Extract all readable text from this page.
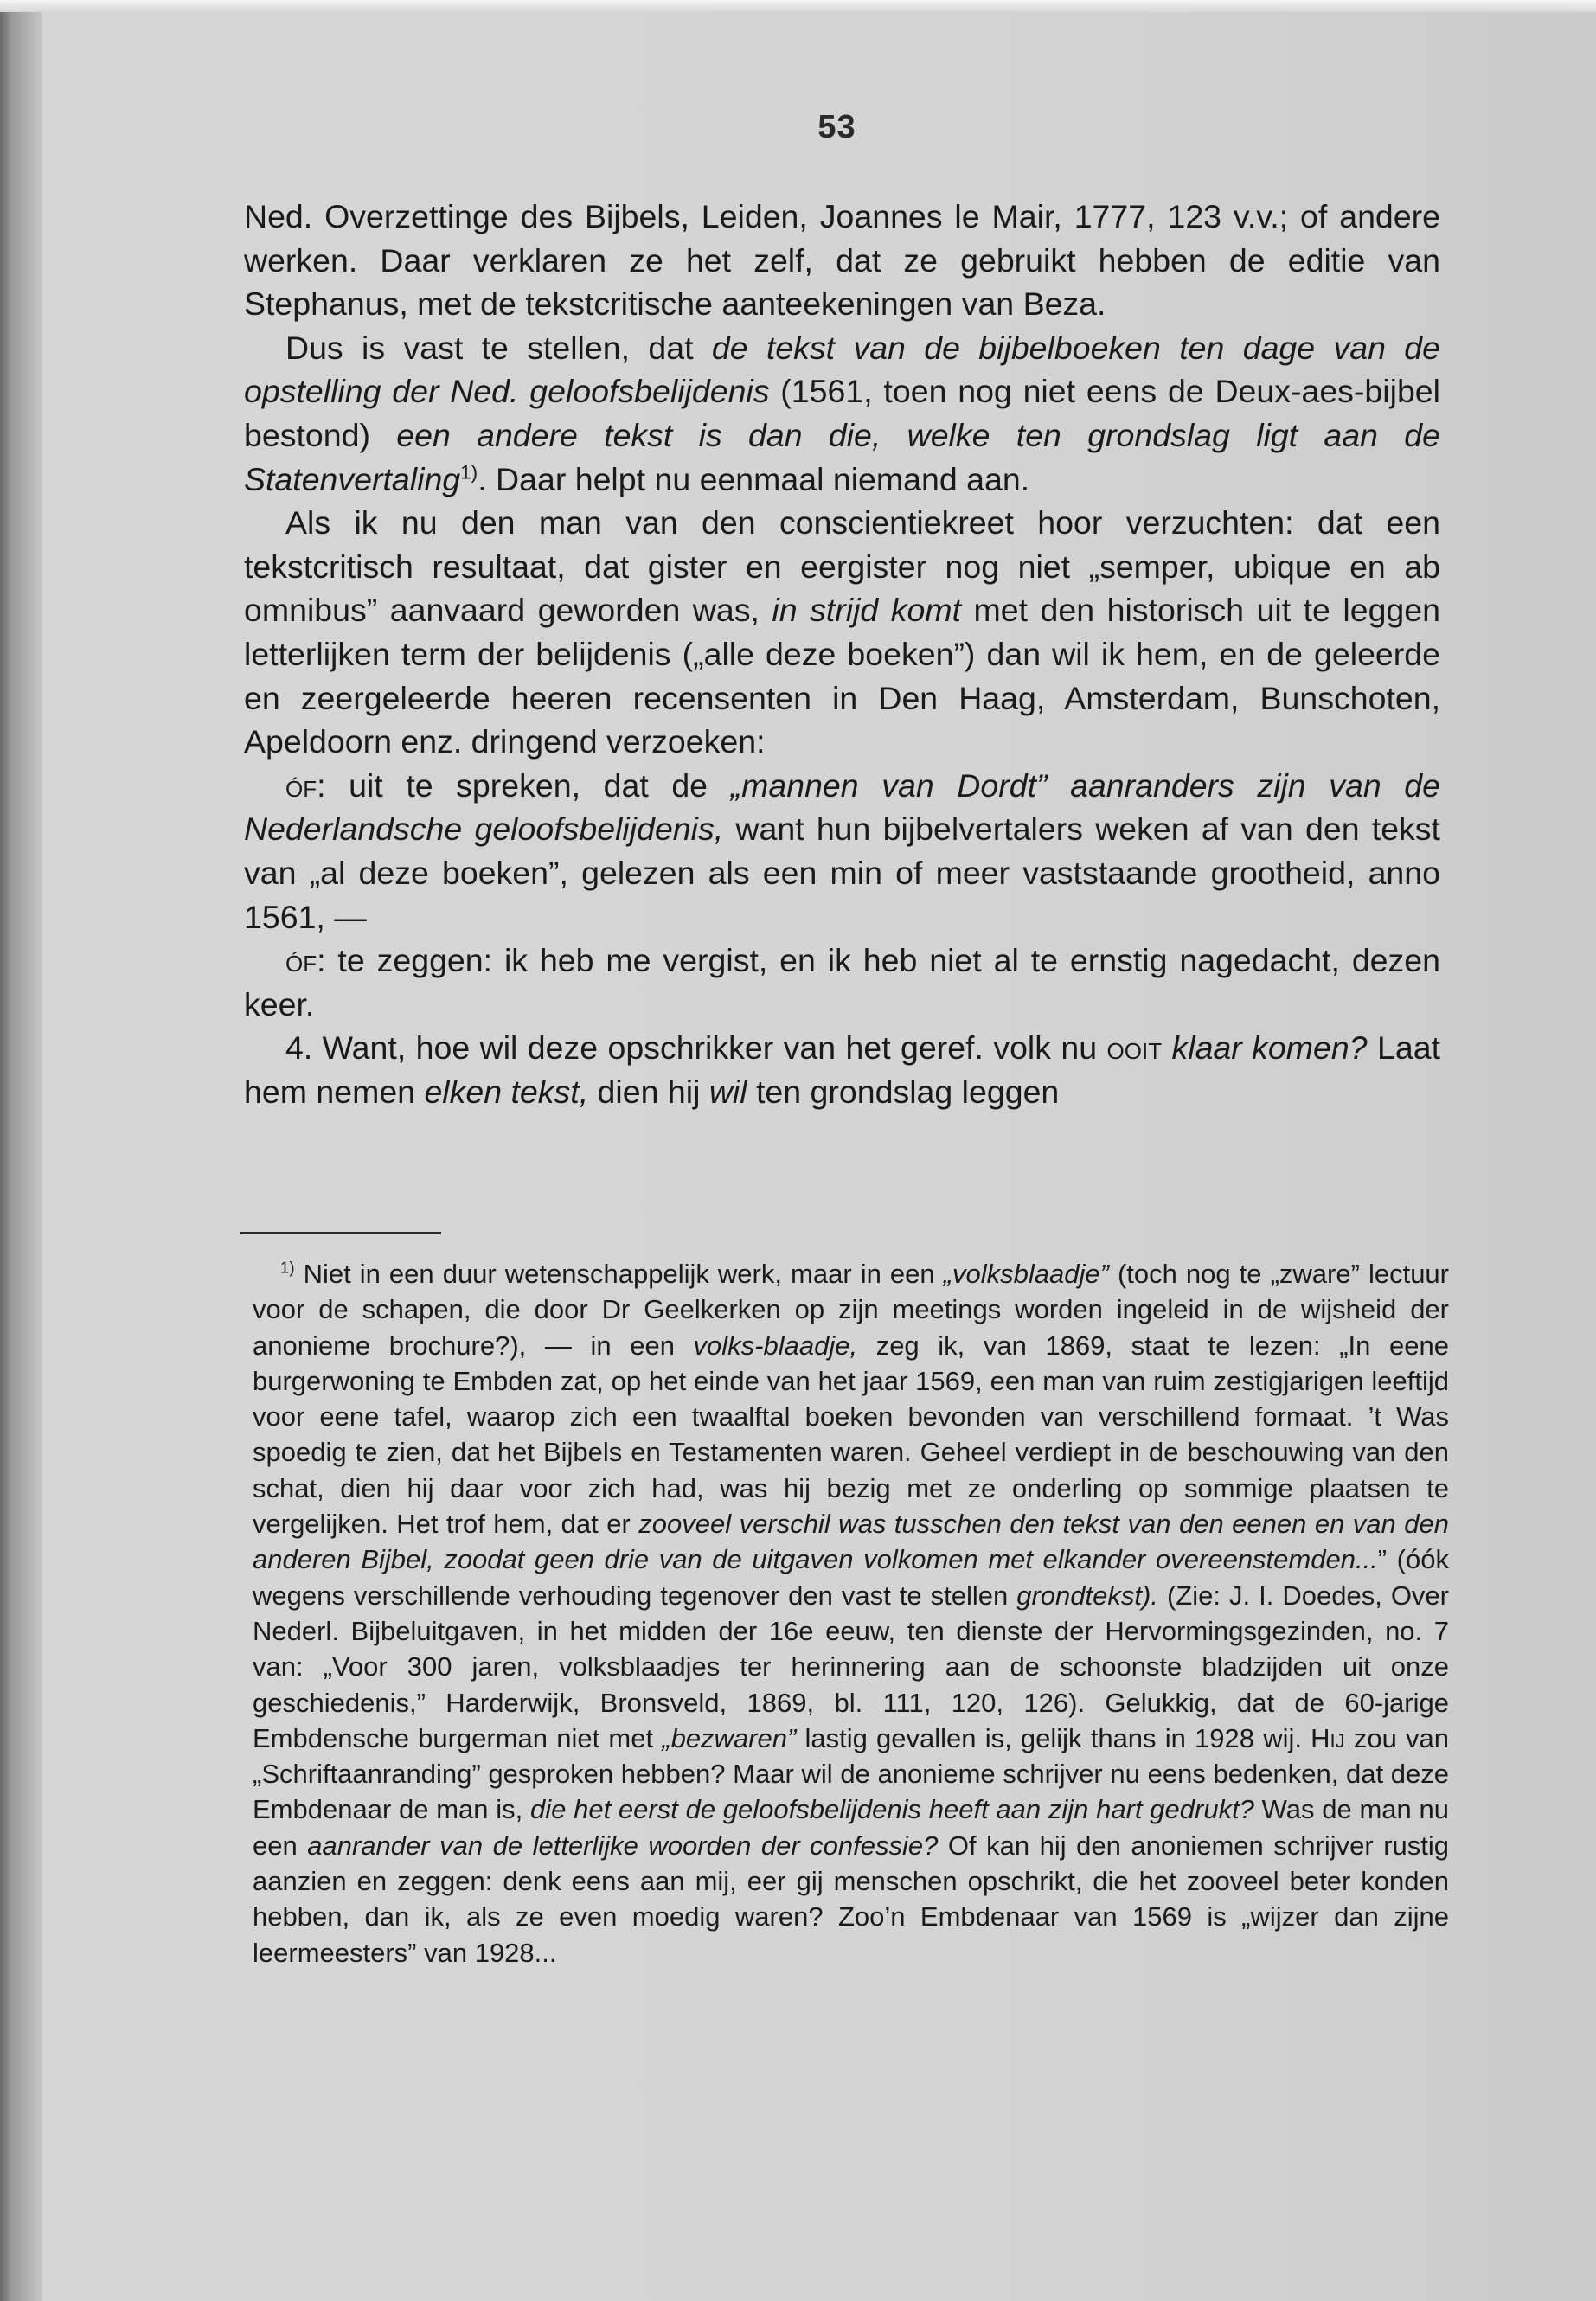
53

Ned. Overzettinge des Bijbels, Leiden, Joannes le Mair, 1777, 123 v.v.; of andere werken. Daar verklaren ze het zelf, dat ze gebruikt hebben de editie van Stephanus, met de tekstcritische aanteekeningen van Beza.

Dus is vast te stellen, dat de tekst van de bijbelboeken ten dage van de opstelling der Ned. geloofsbelijdenis (1561, toen nog niet eens de Deux-aes-bijbel bestond) een andere tekst is dan die, welke ten grondslag ligt aan de Statenvertaling$^{1)}$. Daar helpt nu eenmaal niemand aan.

Als ik nu den man van den conscientiekreet hoor verzuchten: dat een tekstcritisch resultaat, dat gister en eergister nog niet „semper, ubique en ab omnibus” aanvaard geworden was, in strijd komt met den historisch uit te leggen letterlijken term der belijdenis („alle deze boeken”) dan wil ik hem, en de geleerde en zeergeleerde heeren recensenten in Den Haag, Amsterdam, Bunschoten, Apeldoorn enz. dringend verzoeken:

óf: uit te spreken, dat de „mannen van Dordt” aanranders zijn van de Nederlandsche geloofsbelijdenis, want hun bijbelvertalers weken af van den tekst van „al deze boeken”, gelezen als een min of meer vaststaande grootheid, anno 1561, —

óf: te zeggen: ik heb me vergist, en ik heb niet al te ernstig nagedacht, dezen keer.

4. Want, hoe wil deze opschrikker van het geref. volk nu ooit klaar komen? Laat hem nemen elken tekst, dien hij wil ten grondslag leggen

$^{1)}$ Niet in een duur wetenschappelijk werk, maar in een „volksblaadje” (toch nog te „zware” lectuur voor de schapen, die door Dr Geelkerken op zijn meetings worden ingeleid in de wijsheid der anonieme brochure?), — in een volks-blaadje, zeg ik, van 1869, staat te lezen: „In eene burgerwoning te Embden zat, op het einde van het jaar 1569, een man van ruim zestigjarigen leeftijd voor eene tafel, waarop zich een twaalftal boeken bevonden van verschillend formaat. ’t Was spoedig te zien, dat het Bijbels en Testamenten waren. Geheel verdiept in de beschouwing van den schat, dien hij daar voor zich had, was hij bezig met ze onderling op sommige plaatsen te vergelijken. Het trof hem, dat er zooveel verschil was tusschen den tekst van den eenen en van den anderen Bijbel, zoodat geen drie van de uitgaven volkomen met elkander overeenstemden...” (óók wegens verschillende verhouding tegenover den vast te stellen grondtekst). (Zie: J. I. Doedes, Over Nederl. Bijbeluitgaven, in het midden der 16e eeuw, ten dienste der Hervormingsgezinden, no. 7 van: „Voor 300 jaren, volksblaadjes ter herinnering aan de schoonste bladzijden uit onze geschiedenis,” Harderwijk, Bronsveld, 1869, bl. 111, 120, 126). Gelukkig, dat de 60-jarige Embdensche burgerman niet met „bezwaren” lastig gevallen is, gelijk thans in 1928 wij. Hij zou van „Schriftaanranding” gesproken hebben? Maar wil de anonieme schrijver nu eens bedenken, dat deze Embdenaar de man is, die het eerst de geloofsbelijdenis heeft aan zijn hart gedrukt? Was de man nu een aanrander van de letterlijke woorden der confessie? Of kan hij den anoniemen schrijver rustig aanzien en zeggen: denk eens aan mij, eer gij menschen opschrikt, die het zooveel beter konden hebben, dan ik, als ze even moedig waren? Zoo’n Embdenaar van 1569 is „wijzer dan zijne leermeesters” van 1928...
